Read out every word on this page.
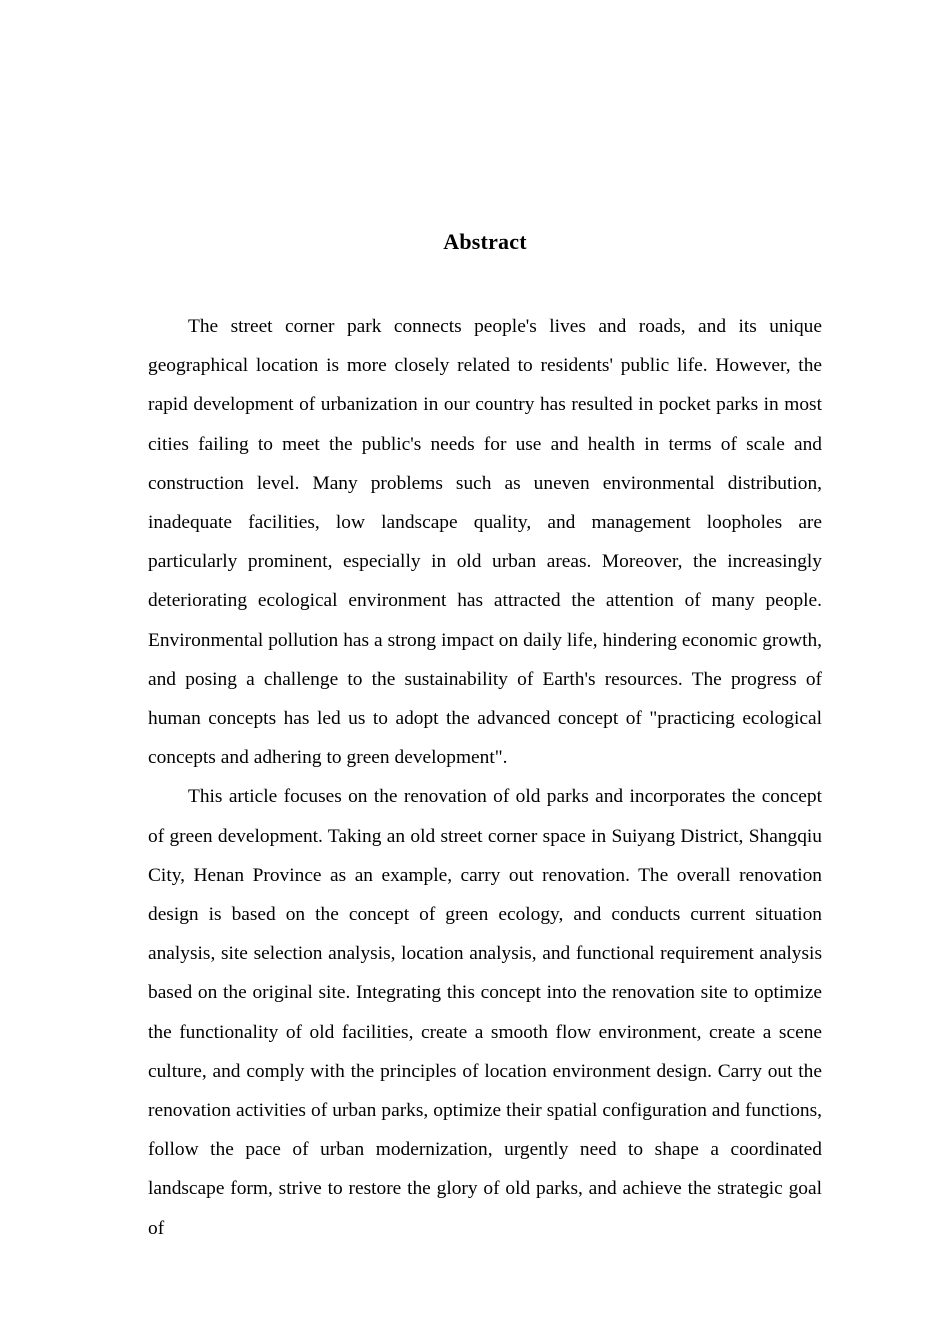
Abstract

The street corner park connects people's lives and roads, and its unique geographical location is more closely related to residents' public life. However, the rapid development of urbanization in our country has resulted in pocket parks in most cities failing to meet the public's needs for use and health in terms of scale and construction level. Many problems such as uneven environmental distribution, inadequate facilities, low landscape quality, and management loopholes are particularly prominent, especially in old urban areas. Moreover, the increasingly deteriorating ecological environment has attracted the attention of many people. Environmental pollution has a strong impact on daily life, hindering economic growth, and posing a challenge to the sustainability of Earth's resources. The progress of human concepts has led us to adopt the advanced concept of "practicing ecological concepts and adhering to green development".

This article focuses on the renovation of old parks and incorporates the concept of green development. Taking an old street corner space in Suiyang District, Shangqiu City, Henan Province as an example, carry out renovation. The overall renovation design is based on the concept of green ecology, and conducts current situation analysis, site selection analysis, location analysis, and functional requirement analysis based on the original site. Integrating this concept into the renovation site to optimize the functionality of old facilities, create a smooth flow environment, create a scene culture, and comply with the principles of location environment design. Carry out the renovation activities of urban parks, optimize their spatial configuration and functions, follow the pace of urban modernization, urgently need to shape a coordinated landscape form, strive to restore the glory of old parks, and achieve the strategic goal of
